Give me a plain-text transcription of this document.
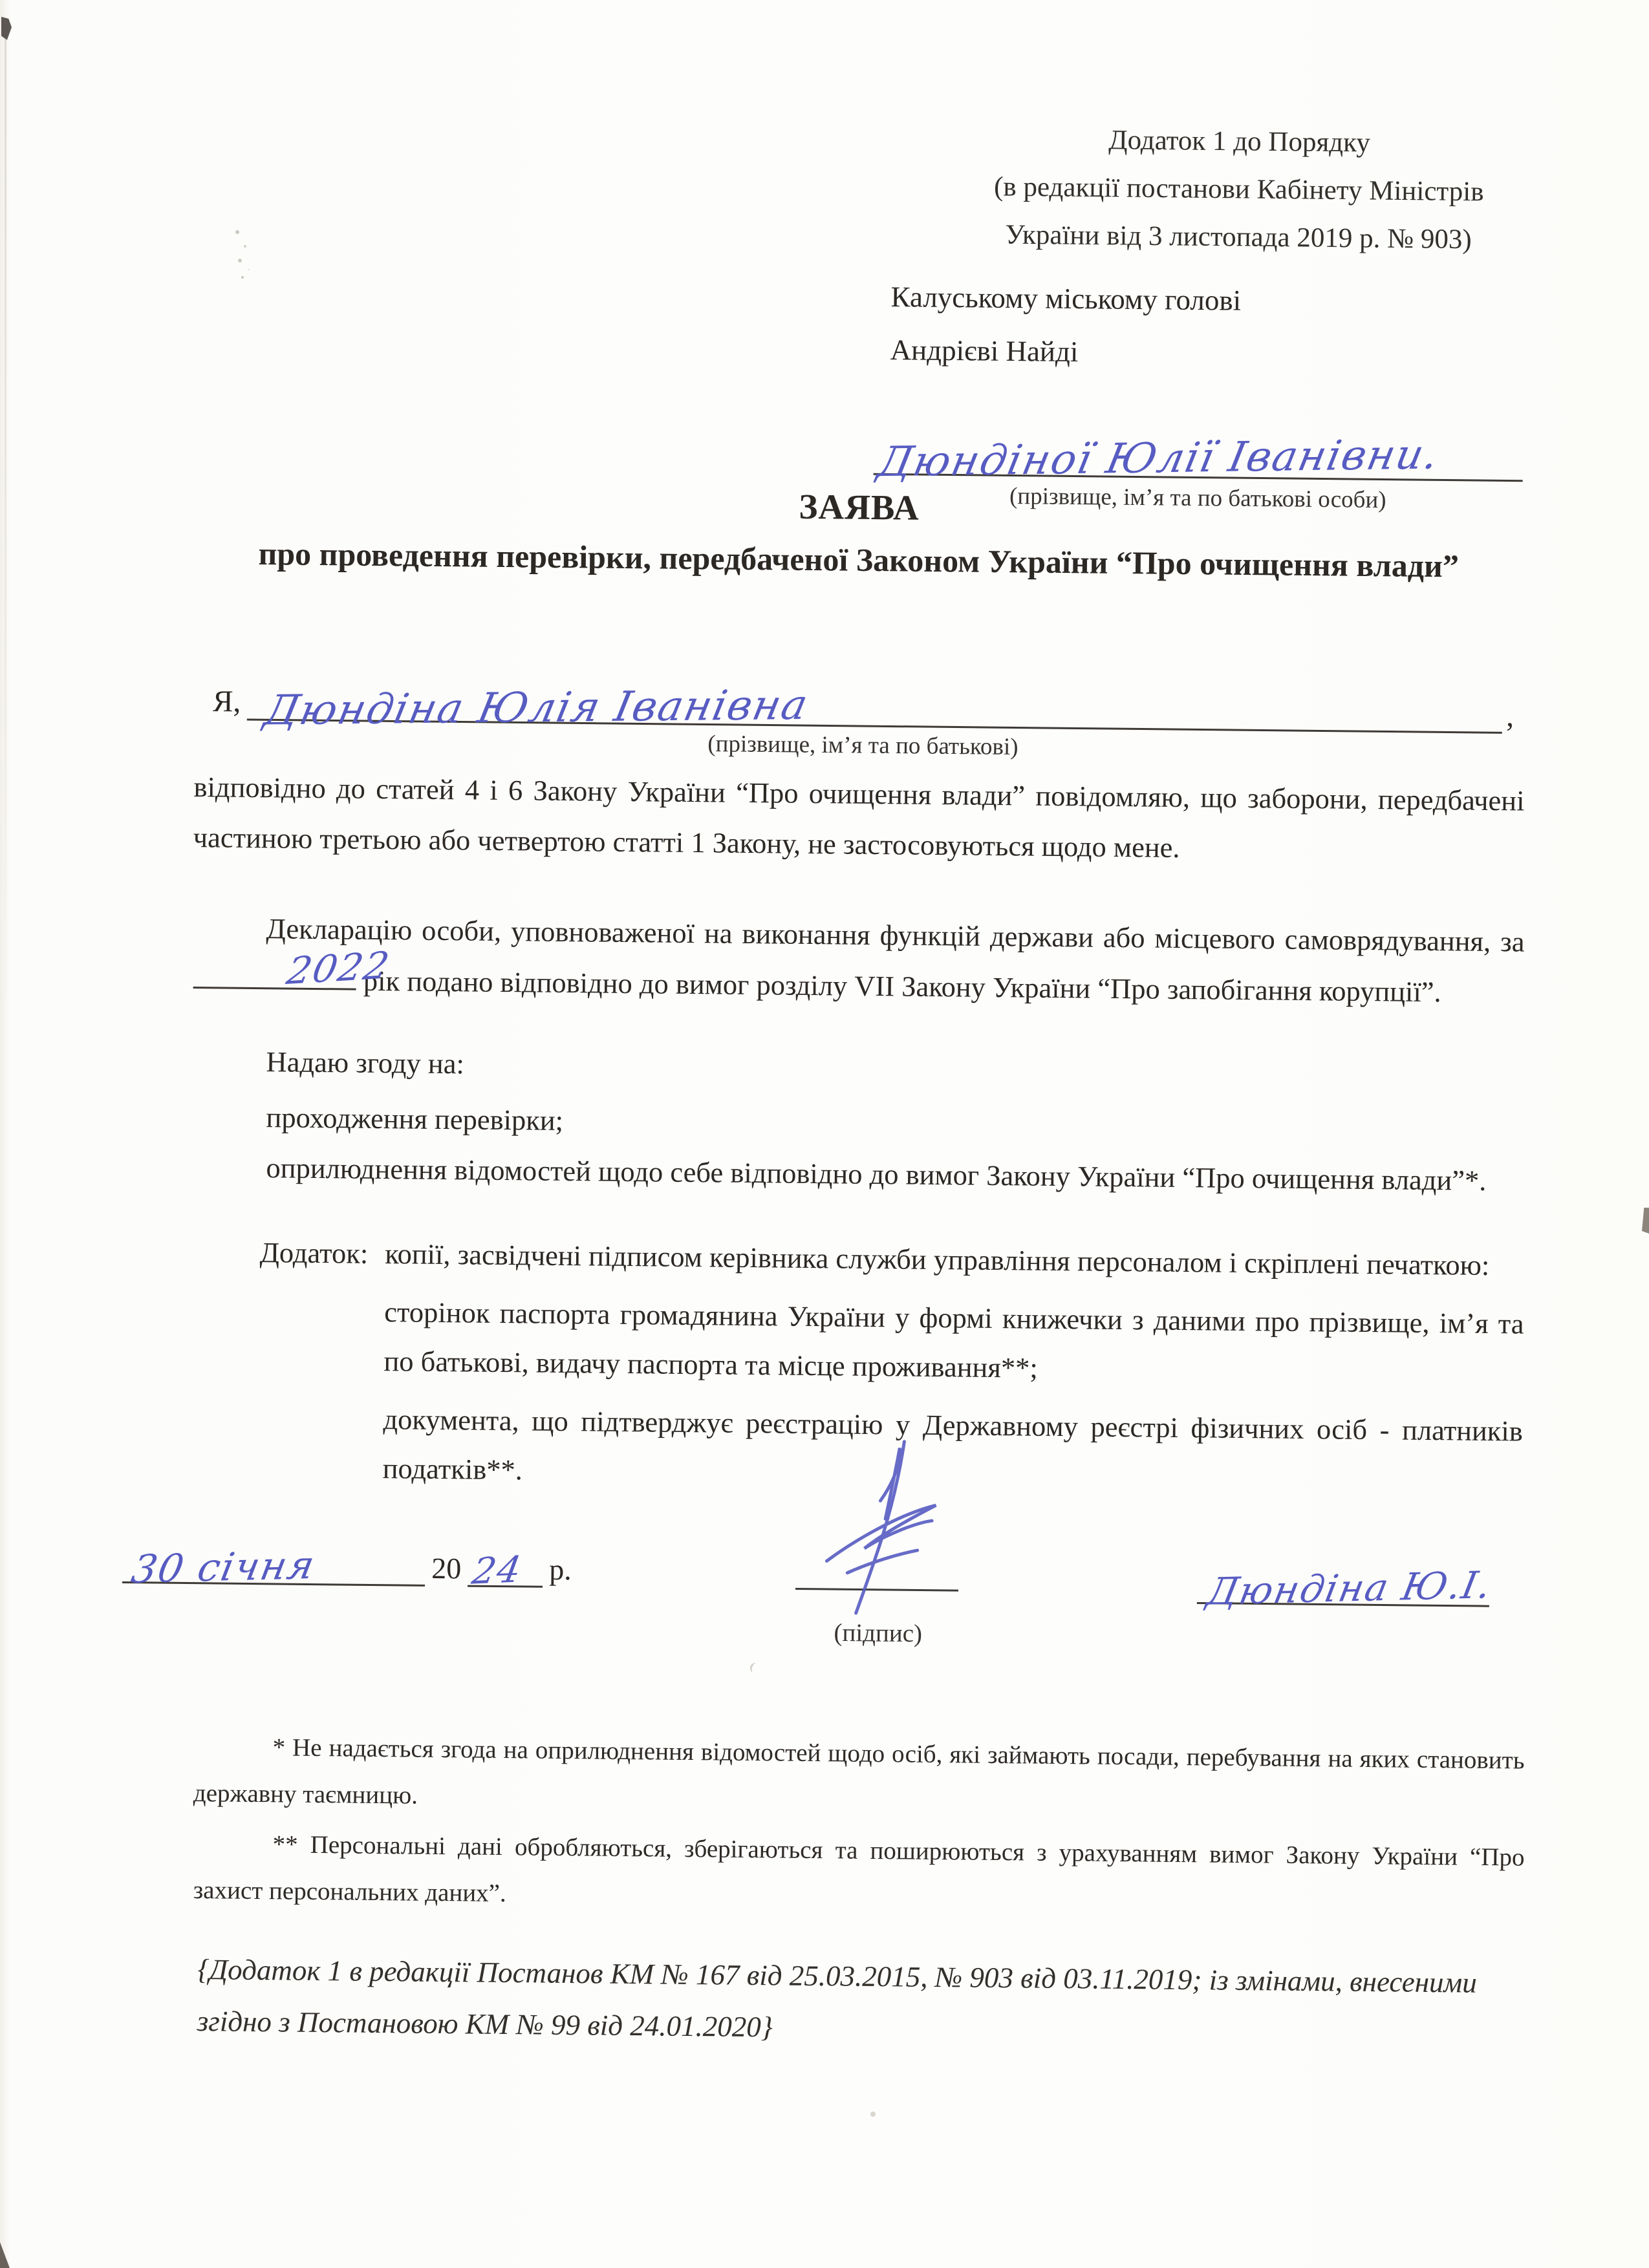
Додаток 1 до Порядку
(в редакції постанови Кабінету Міністрів
України від 3 листопада 2019 р. № 903)
Калуському міському голові
Андрієві Найді
Дюндіної Юлії Іванівни.
(прізвище, ім’я та по батькові особи)
ЗАЯВА
про проведення перевірки, передбаченої Законом України “Про очищення влади”
Я, Дюндіна Юлія Іванівна	,
(прізвище, ім’я та по батькові)
відповідно до статей 4 і 6 Закону України “Про очищення влади” повідомляю, що заборони, передбачені частиною третьою або четвертою статті 1 Закону, не застосовуються щодо мене.
Декларацію особи, уповноваженої на виконання функцій держави або місцевого самоврядування, за
2022
рік подано відповідно до вимог розділу VII Закону України “Про запобігання корупції”.
Надаю згоду на:
проходження перевірки;
оприлюднення відомостей щодо себе відповідно до вимог Закону України “Про очищення влади”*.
Додаток: копії, засвідчені підписом керівника служби управління персоналом і скріплені печаткою:

сторінок паспорта громадянина України у формі книжечки з даними про прізвище, ім’я та по батькові, видачу паспорта та місце проживання**;

документа, що підтверджує реєстрацію у Державному реєстрі фізичних осіб - платників податків**.

30 січня	20 24 р.
(підпис)
Дюндіна Ю.І.
* Не надається згода на оприлюднення відомостей щодо осіб, які займають посади, перебування на яких становить державну таємницю.
** Персональні дані обробляються, зберігаються та поширюються з урахуванням вимог Закону України “Про захист персональних даних”.
{Додаток 1 в редакції Постанов КМ № 167 від 25.03.2015, № 903 від 03.11.2019; із змінами, внесеними згідно з Постановою КМ № 99 від 24.01.2020}
